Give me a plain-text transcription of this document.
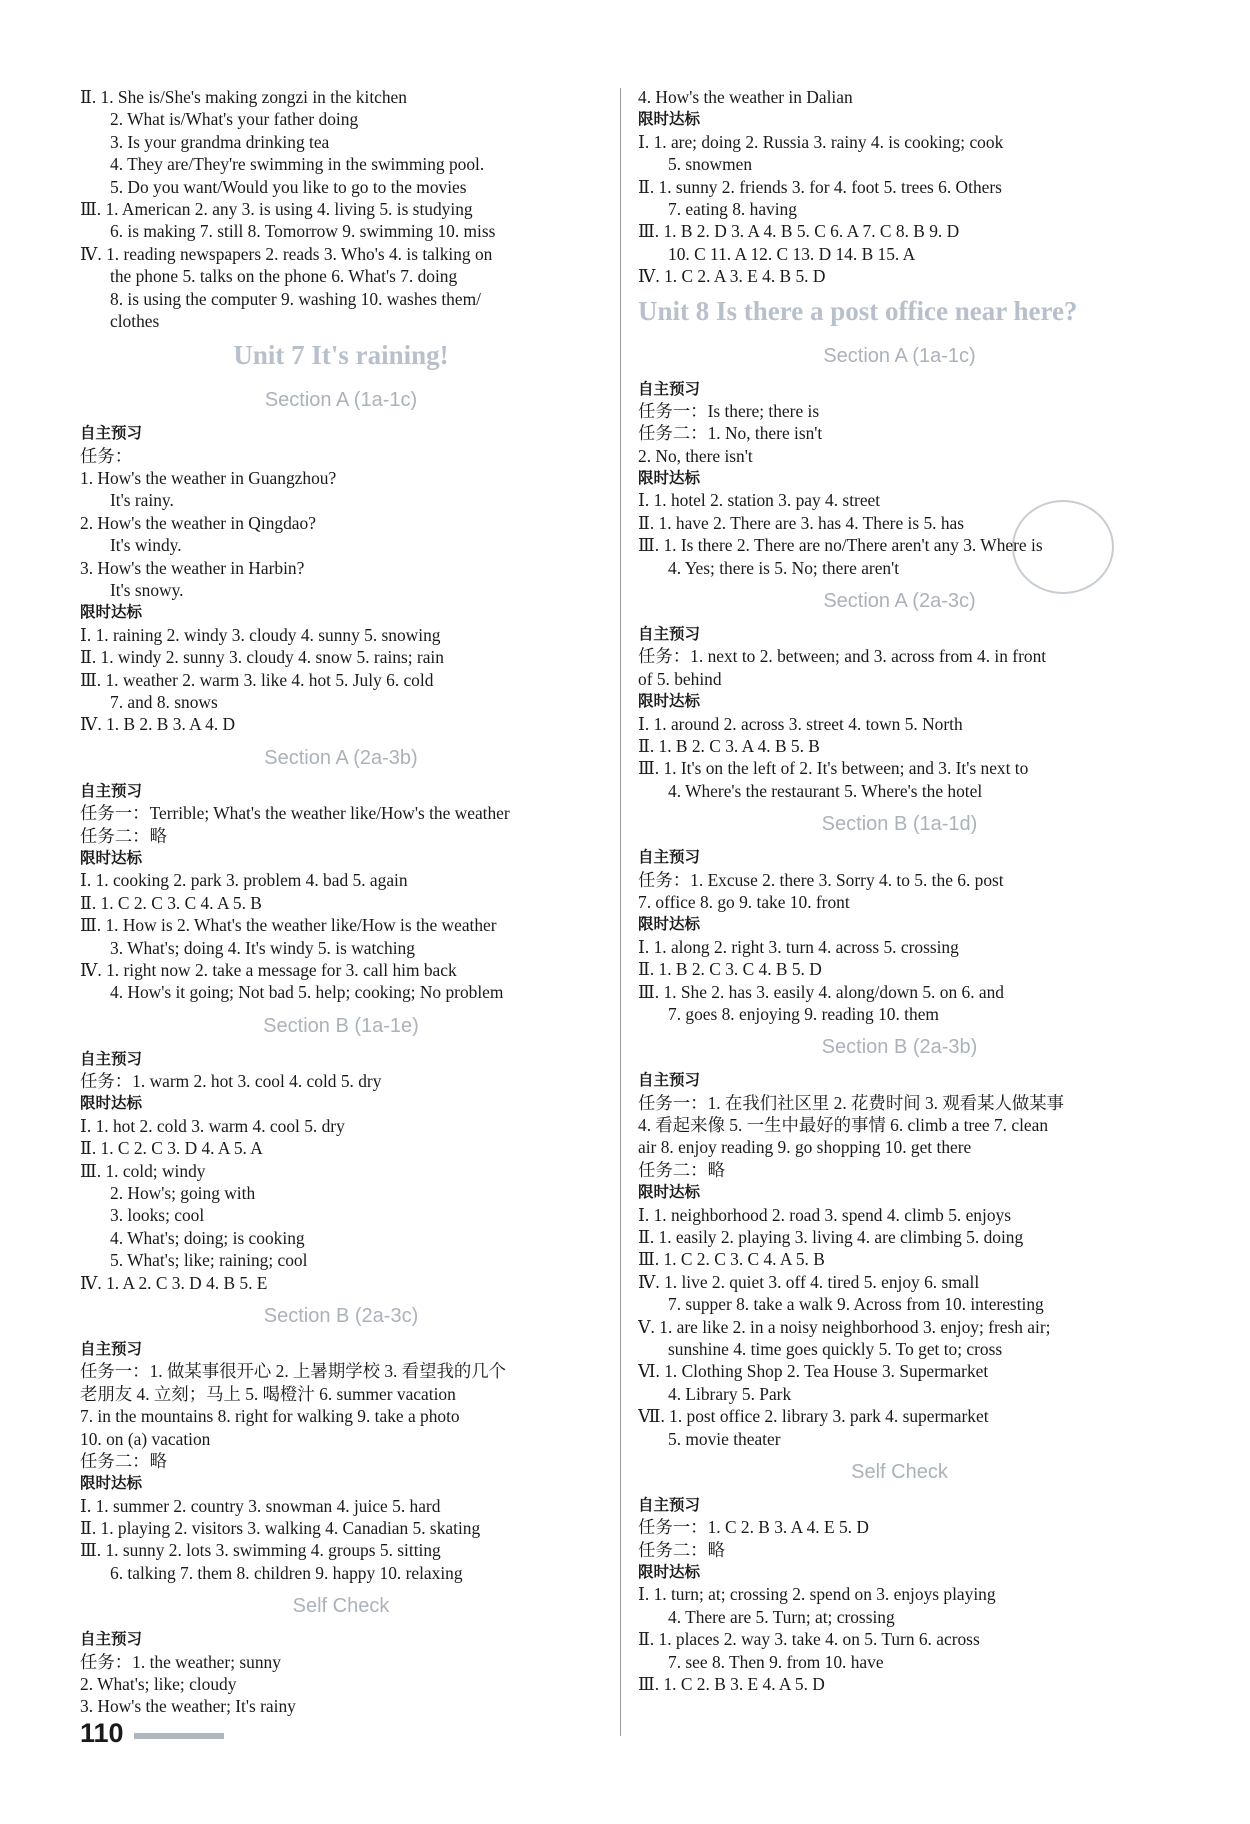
Ⅱ. 1. She is/She's making zongzi in the kitchen
2. What is/What's your father doing
3. Is your grandma drinking tea
4. They are/They're swimming in the swimming pool.
5. Do you want/Would you like to go to the movies
Ⅲ. 1. American 2. any 3. is using 4. living 5. is studying
6. is making 7. still 8. Tomorrow 9. swimming 10. miss
Ⅳ. 1. reading newspapers 2. reads 3. Who's 4. is talking on
the phone 5. talks on the phone 6. What's 7. doing
8. is using the computer 9. washing 10. washes them/
clothes
Unit 7 It's raining!
Section A (1a-1c)
自主预习
任务：
1. How's the weather in Guangzhou?
It's rainy.
2. How's the weather in Qingdao?
It's windy.
3. How's the weather in Harbin?
It's snowy.
限时达标
Ⅰ. 1. raining 2. windy 3. cloudy 4. sunny 5. snowing
Ⅱ. 1. windy 2. sunny 3. cloudy 4. snow 5. rains; rain
Ⅲ. 1. weather 2. warm 3. like 4. hot 5. July 6. cold
7. and 8. snows
Ⅳ. 1. B 2. B 3. A 4. D
Section A (2a-3b)
自主预习
任务一：Terrible; What's the weather like/How's the weather
任务二：略
限时达标
Ⅰ. 1. cooking 2. park 3. problem 4. bad 5. again
Ⅱ. 1. C 2. C 3. C 4. A 5. B
Ⅲ. 1. How is 2. What's the weather like/How is the weather
3. What's; doing 4. It's windy 5. is watching
Ⅳ. 1. right now 2. take a message for 3. call him back
4. How's it going; Not bad 5. help; cooking; No problem
Section B (1a-1e)
自主预习
任务：1. warm 2. hot 3. cool 4. cold 5. dry
限时达标
Ⅰ. 1. hot 2. cold 3. warm 4. cool 5. dry
Ⅱ. 1. C 2. C 3. D 4. A 5. A
Ⅲ. 1. cold; windy
2. How's; going with
3. looks; cool
4. What's; doing; is cooking
5. What's; like; raining; cool
Ⅳ. 1. A 2. C 3. D 4. B 5. E
Section B (2a-3c)
自主预习
任务一：1. 做某事很开心 2. 上暑期学校 3. 看望我的几个
老朋友 4. 立刻；马上 5. 喝橙汁 6. summer vacation
7. in the mountains 8. right for walking 9. take a photo
10. on (a) vacation
任务二：略
限时达标
Ⅰ. 1. summer 2. country 3. snowman 4. juice 5. hard
Ⅱ. 1. playing 2. visitors 3. walking 4. Canadian 5. skating
Ⅲ. 1. sunny 2. lots 3. swimming 4. groups 5. sitting
6. talking 7. them 8. children 9. happy 10. relaxing
Self Check
自主预习
任务：1. the weather; sunny
2. What's; like; cloudy
3. How's the weather; It's rainy
4. How's the weather in Dalian
限时达标
Ⅰ. 1. are; doing 2. Russia 3. rainy 4. is cooking; cook
5. snowmen
Ⅱ. 1. sunny 2. friends 3. for 4. foot 5. trees 6. Others
7. eating 8. having
Ⅲ. 1. B 2. D 3. A 4. B 5. C 6. A 7. C 8. B 9. D
10. C 11. A 12. C 13. D 14. B 15. A
Ⅳ. 1. C 2. A 3. E 4. B 5. D
Unit 8 Is there a post office near here?
Section A (1a-1c)
自主预习
任务一：Is there; there is
任务二：1. No, there isn't
2. No, there isn't
限时达标
Ⅰ. 1. hotel 2. station 3. pay 4. street
Ⅱ. 1. have 2. There are 3. has 4. There is 5. has
Ⅲ. 1. Is there 2. There are no/There aren't any 3. Where is
4. Yes; there is 5. No; there aren't
Section A (2a-3c)
自主预习
任务：1. next to 2. between; and 3. across from 4. in front
of 5. behind
限时达标
Ⅰ. 1. around 2. across 3. street 4. town 5. North
Ⅱ. 1. B 2. C 3. A 4. B 5. B
Ⅲ. 1. It's on the left of 2. It's between; and 3. It's next to
4. Where's the restaurant 5. Where's the hotel
Section B (1a-1d)
自主预习
任务：1. Excuse 2. there 3. Sorry 4. to 5. the 6. post
7. office 8. go 9. take 10. front
限时达标
Ⅰ. 1. along 2. right 3. turn 4. across 5. crossing
Ⅱ. 1. B 2. C 3. C 4. B 5. D
Ⅲ. 1. She 2. has 3. easily 4. along/down 5. on 6. and
7. goes 8. enjoying 9. reading 10. them
Section B (2a-3b)
自主预习
任务一：1. 在我们社区里 2. 花费时间 3. 观看某人做某事
4. 看起来像 5. 一生中最好的事情 6. climb a tree 7. clean
air 8. enjoy reading 9. go shopping 10. get there
任务二：略
限时达标
Ⅰ. 1. neighborhood 2. road 3. spend 4. climb 5. enjoys
Ⅱ. 1. easily 2. playing 3. living 4. are climbing 5. doing
Ⅲ. 1. C 2. C 3. C 4. A 5. B
Ⅳ. 1. live 2. quiet 3. off 4. tired 5. enjoy 6. small
7. supper 8. take a walk 9. Across from 10. interesting
Ⅴ. 1. are like 2. in a noisy neighborhood 3. enjoy; fresh air;
sunshine 4. time goes quickly 5. To get to; cross
Ⅵ. 1. Clothing Shop 2. Tea House 3. Supermarket
4. Library 5. Park
Ⅶ. 1. post office 2. library 3. park 4. supermarket
5. movie theater
Self Check
自主预习
任务一：1. C 2. B 3. A 4. E 5. D
任务二：略
限时达标
Ⅰ. 1. turn; at; crossing 2. spend on 3. enjoys playing
4. There are 5. Turn; at; crossing
Ⅱ. 1. places 2. way 3. take 4. on 5. Turn 6. across
7. see 8. Then 9. from 10. have
Ⅲ. 1. C 2. B 3. E 4. A 5. D
110
